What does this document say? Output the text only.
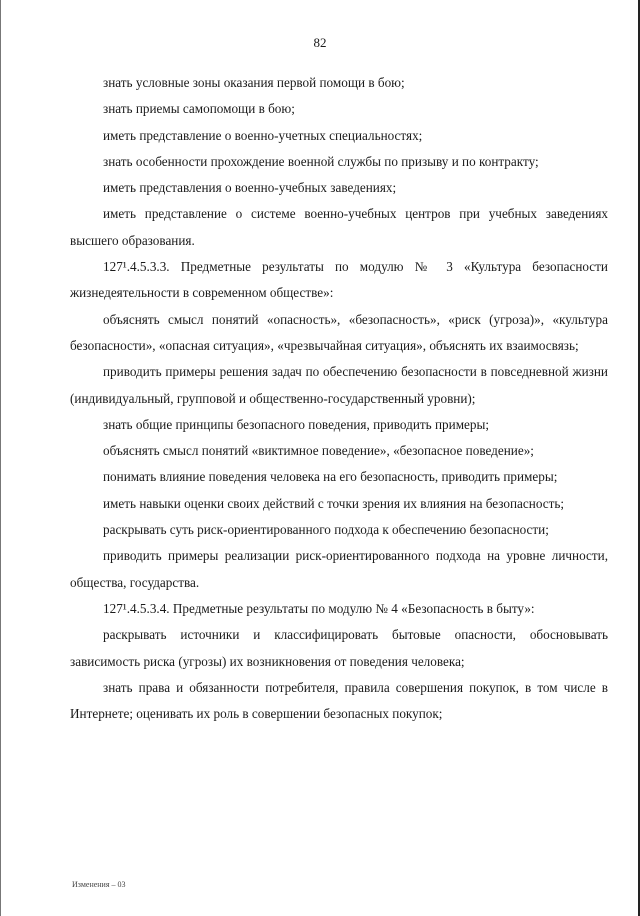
82

знать условные зоны оказания первой помощи в бою;

знать приемы самопомощи в бою;

иметь представление о военно-учетных специальностях;

знать особенности прохождение военной службы по призыву и по контракту;

иметь представления о военно-учебных заведениях;

иметь представление о системе военно-учебных центров при учебных заведениях высшего образования.

127¹.4.5.3.3. Предметные результаты по модулю № 3 «Культура безопасности жизнедеятельности в современном обществе»:

объяснять смысл понятий «опасность», «безопасность», «риск (угроза)», «культура безопасности», «опасная ситуация», «чрезвычайная ситуация», объяснять их взаимосвязь;

приводить примеры решения задач по обеспечению безопасности в повседневной жизни (индивидуальный, групповой и общественно-государственный уровни);

знать общие принципы безопасного поведения, приводить примеры;

объяснять смысл понятий «виктимное поведение», «безопасное поведение»;

понимать влияние поведения человека на его безопасность, приводить примеры;

иметь навыки оценки своих действий с точки зрения их влияния на безопасность;

раскрывать суть риск-ориентированного подхода к обеспечению безопасности;

приводить примеры реализации риск-ориентированного подхода на уровне личности, общества, государства.

127¹.4.5.3.4. Предметные результаты по модулю № 4 «Безопасность в быту»:

раскрывать источники и классифицировать бытовые опасности, обосновывать зависимость риска (угрозы) их возникновения от поведения человека;

знать права и обязанности потребителя, правила совершения покупок, в том числе в Интернете; оценивать их роль в совершении безопасных покупок;

Изменения – 03
